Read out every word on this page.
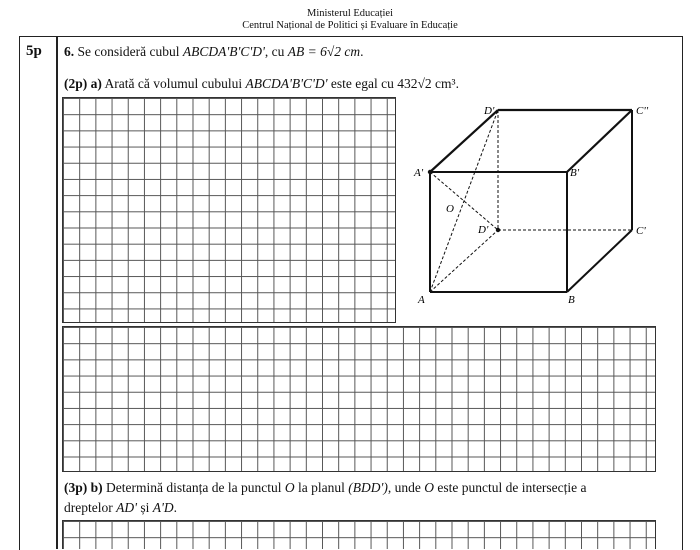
Ministerul Educației
Centrul Național de Politici și Evaluare în Educație
5p 6. Se consideră cubul ABCDA'B'C'D', cu AB = 6√2 cm.
(2p) a) Arată că volumul cubului ABCDA'B'C'D' este egal cu 432√2 cm³.
D'	C''
A'	B'
O
D'	C'
A	B
(3p) b) Determină distanța de la punctul O la planul (BDD'), unde O este punctul de intersecție a
dreptelor AD' și A'D.
